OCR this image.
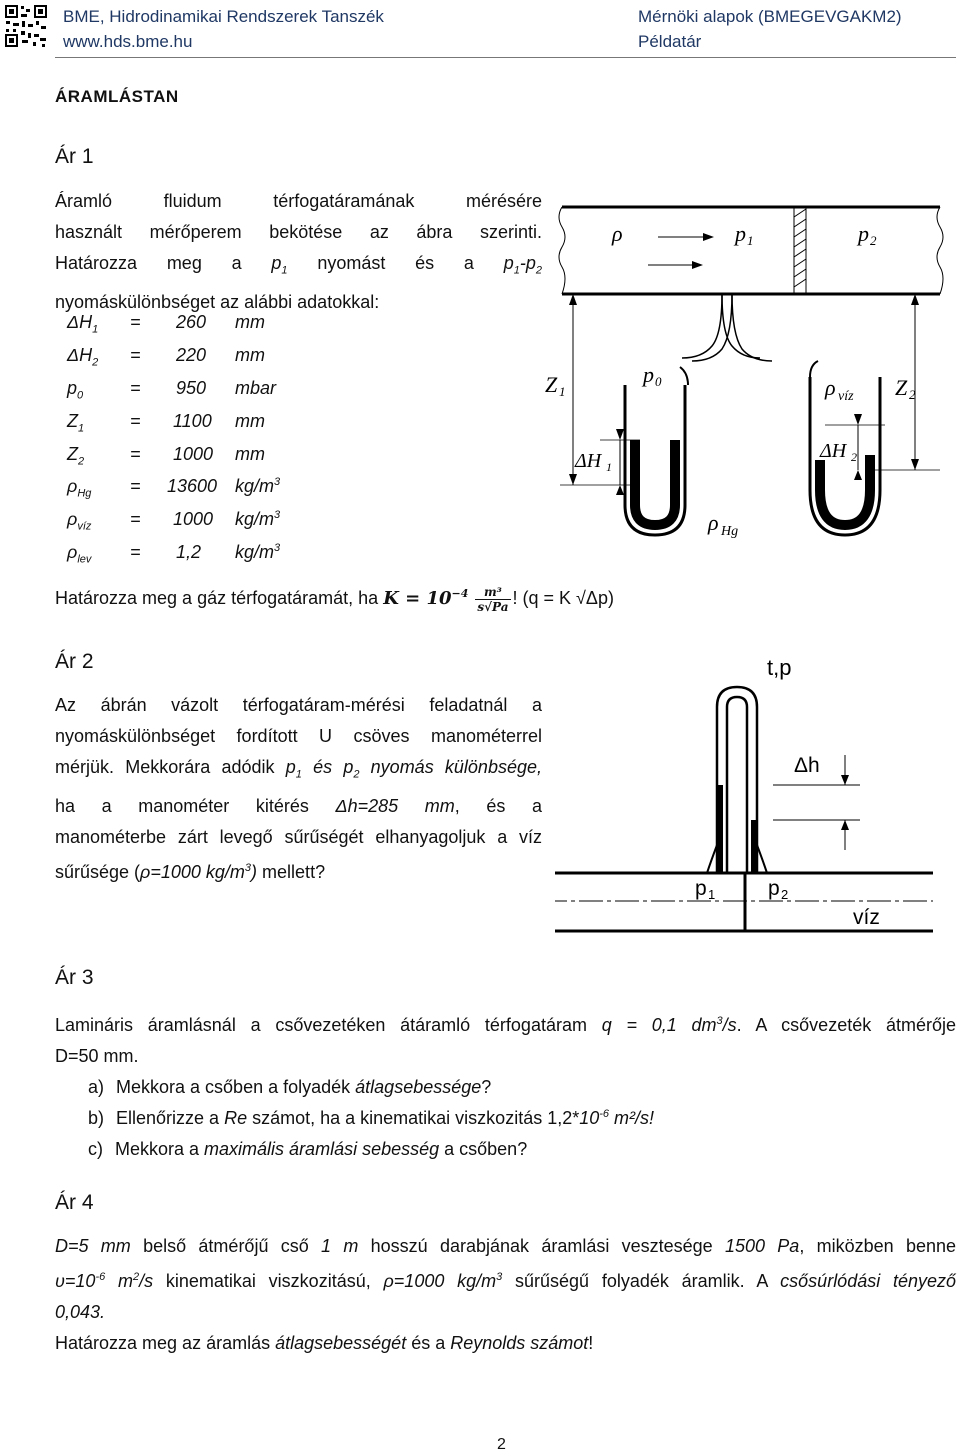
BME, Hidrodinamikai Rendszerek Tanszék
www.hds.bme.hu
Mérnöki alapok (BMEGEVGAKM2)
Példatár
ÁRAMLÁSTAN
Ár 1
Áramló fluidum térfogatáramának mérésére
használt mérőperem bekötése az ábra szerinti.
Határozza meg a $p_1$ nyomást és a $p_1-p_2$
nyomáskülönbséget az alábbi adatokkal:
$\Delta H_1 = 260$ mm
$\Delta H_2 = 220$ mm
$p_0$	= 950 mbar
$Z_1$	= 1100 mm
$Z_2$	= 1000 mm
$\rho_{Hg} = 13600$ $kg/m^3$
$\rho_{víz} = 1000$ $kg/m^3$
$\rho_{lev} = 1,2$ $kg/m^3$
Határozza meg a gáz térfogatáramát, ha $K = 10^{-4} \frac{\text{m³}}{s√Pa}$ ! (q = K √Δp)
ρ	p 1	p 2
Z 1
p 0	ρ víz Z 2
ΔH 1
ΔH 2
ρ Hg
Ár 2
Az ábrán vázolt térfogatáram-mérési feladatnál a
nyomáskülönbséget fordított U csöves manométerrel
mérjük. Mekkorára adódik $p_1$ és $p_2$ nyomás különbsége,
ha a manométer kitérés Δh=285 mm, és a
manométerbe zárt levegő sűrűségét elhanyagoljuk a víz
sűrűsége (ρ=1000 $kg/m^3$) mellett?
t,p
Δh
p 1	p 2
víz
Ár 3
Lamináris áramlásnál a csővezetéken átáramló térfogatáram q = 0,1 $dm^3/s$. A csővezeték átmérője
D=50 mm.
a) Mekkora a csőben a folyadék átlagsebessége?
b) Ellenőrizze a Re számot, ha a kinematikai viszkozitás $1,2*10^{-6}$ m²/s!
c) Mekkora a maximális áramlási sebesség a csőben?
Ár 4
D=5 mm belső átmérőjű cső 1 m hosszú darabjának áramlási vesztesége 1500 Pa, miközben benne
$\upsilon=10^{-6}$ $m^2/s$ kinematikai viszkozitású, ρ=1000 $kg/m^3$ sűrűségű folyadék áramlik. A csősúrlódási tényező
0,043.
Határozza meg az áramlás átlagsebességét és a Reynolds számot!
2
